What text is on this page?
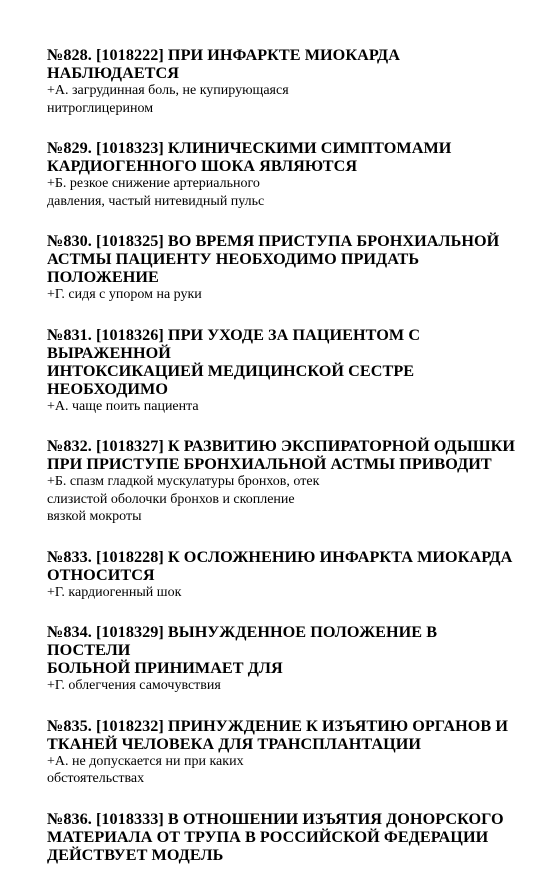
№828. [1018222] ПРИ ИНФАРКТЕ МИОКАРДА НАБЛЮДАЕТСЯ

+А. загрудинная боль, не купирующаяся
нитроглицерином

№829. [1018323] КЛИНИЧЕСКИМИ СИМПТОМАМИ
КАРДИОГЕННОГО ШОКА ЯВЛЯЮТСЯ

+Б. резкое снижение артериального
давления, частый нитевидный пульс

№830. [1018325] ВО ВРЕМЯ ПРИСТУПА БРОНХИАЛЬНОЙ
АСТМЫ ПАЦИЕНТУ НЕОБХОДИМО ПРИДАТЬ ПОЛОЖЕНИЕ

+Г. сидя с упором на руки

№831. [1018326] ПРИ УХОДЕ ЗА ПАЦИЕНТОМ С ВЫРАЖЕННОЙ
ИНТОКСИКАЦИЕЙ МЕДИЦИНСКОЙ СЕСТРЕ НЕОБХОДИМО

+А. чаще поить пациента

№832. [1018327] К РАЗВИТИЮ ЭКСПИРАТОРНОЙ ОДЫШКИ
ПРИ ПРИСТУПЕ БРОНХИАЛЬНОЙ АСТМЫ ПРИВОДИТ

+Б. спазм гладкой мускулатуры бронхов, отек
слизистой оболочки бронхов и скопление
вязкой мокроты

№833. [1018228] К ОСЛОЖНЕНИЮ ИНФАРКТА МИОКАРДА
ОТНОСИТСЯ

+Г. кардиогенный шок

№834. [1018329] ВЫНУЖДЕННОЕ ПОЛОЖЕНИЕ В ПОСТЕЛИ
БОЛЬНОЙ ПРИНИМАЕТ ДЛЯ

+Г. облегчения самочувствия

№835. [1018232] ПРИНУЖДЕНИЕ К ИЗЪЯТИЮ ОРГАНОВ И
ТКАНЕЙ ЧЕЛОВЕКА ДЛЯ ТРАНСПЛАНТАЦИИ

+А. не допускается ни при каких
обстоятельствах

№836. [1018333] В ОТНОШЕНИИ ИЗЪЯТИЯ ДОНОРСКОГО
МАТЕРИАЛА ОТ ТРУПА В РОССИЙСКОЙ ФЕДЕРАЦИИ
ДЕЙСТВУЕТ МОДЕЛЬ
